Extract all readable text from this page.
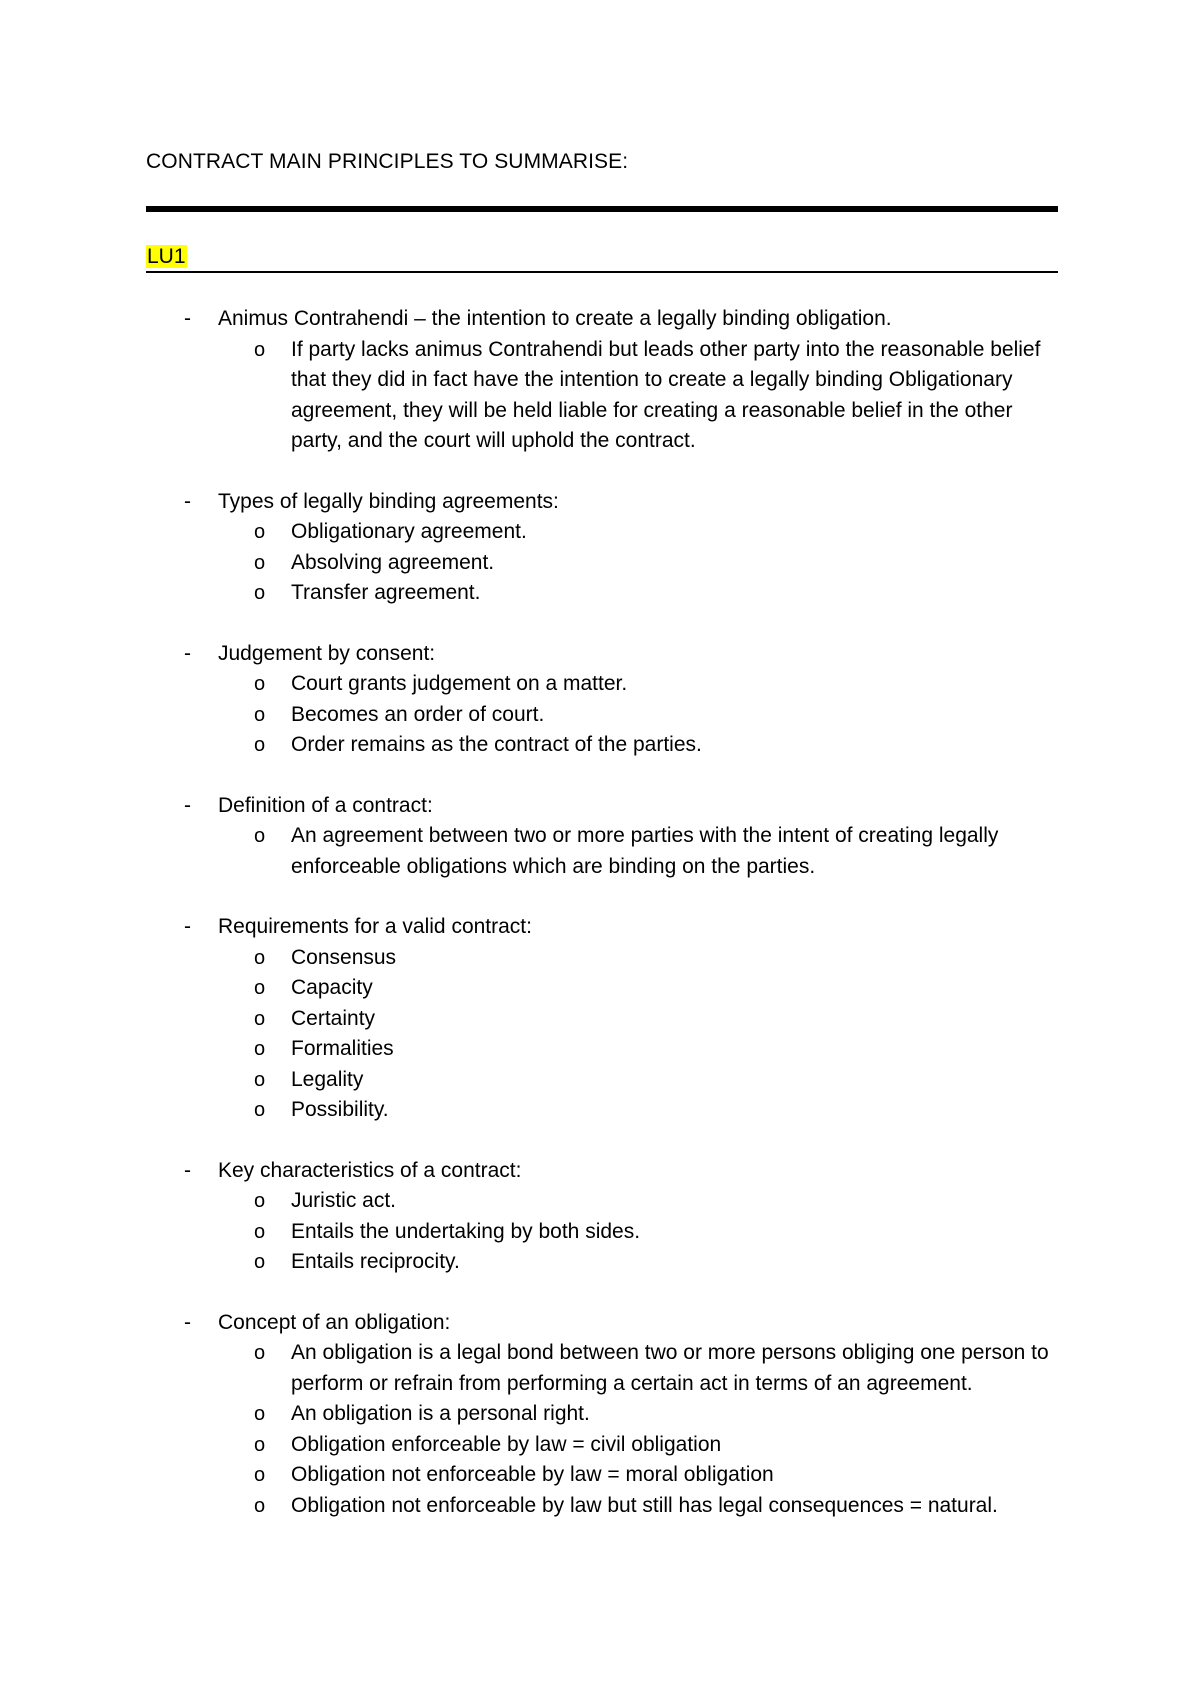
CONTRACT MAIN PRINCIPLES TO SUMMARISE:
LU1
- Animus Contrahendi – the intention to create a legally binding obligation.
o If party lacks animus Contrahendi but leads other party into the reasonable belief that they did in fact have the intention to create a legally binding Obligationary agreement, they will be held liable for creating a reasonable belief in the other party, and the court will uphold the contract.
- Types of legally binding agreements:
o Obligationary agreement.
o Absolving agreement.
o Transfer agreement.
- Judgement by consent:
o Court grants judgement on a matter.
o Becomes an order of court.
o Order remains as the contract of the parties.
- Definition of a contract:
o An agreement between two or more parties with the intent of creating legally enforceable obligations which are binding on the parties.
- Requirements for a valid contract:
o Consensus
o Capacity
o Certainty
o Formalities
o Legality
o Possibility.
- Key characteristics of a contract:
o Juristic act.
o Entails the undertaking by both sides.
o Entails reciprocity.
- Concept of an obligation:
o An obligation is a legal bond between two or more persons obliging one person to perform or refrain from performing a certain act in terms of an agreement.
o An obligation is a personal right.
o Obligation enforceable by law = civil obligation
o Obligation not enforceable by law = moral obligation
o Obligation not enforceable by law but still has legal consequences = natural.
